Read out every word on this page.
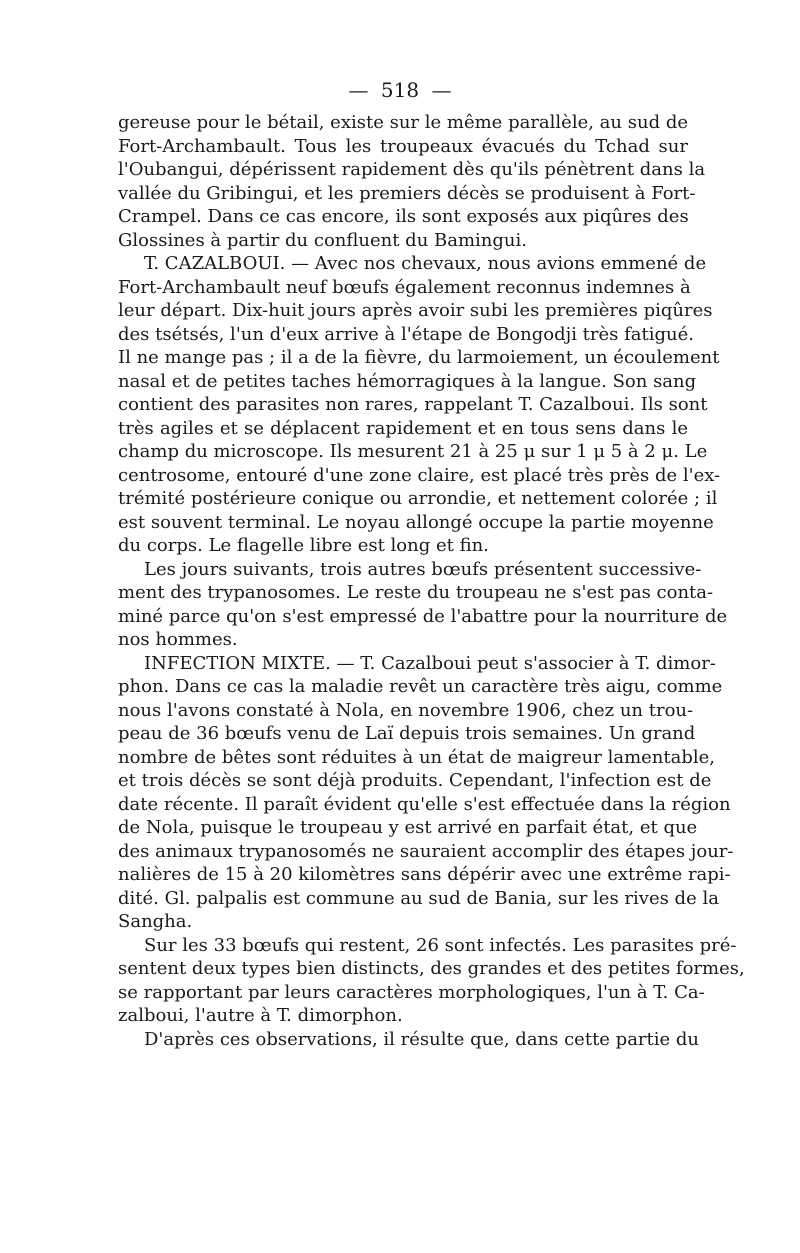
— 518 —
gereuse pour le bétail, existe sur le même parallèle, au sud de
Fort-Archambault. Tous les troupeaux évacués du Tchad sur
l'Oubangui, dépérissent rapidement dès qu'ils pénètrent dans la
vallée du Gribingui, et les premiers décès se produisent à Fort-
Crampel. Dans ce cas encore, ils sont exposés aux piqûres des
Glossines à partir du confluent du Bamingui.
T. CAZALBOUI. — Avec nos chevaux, nous avions emmené de
Fort-Archambault neuf bœufs également reconnus indemnes à
leur départ. Dix-huit jours après avoir subi les premières piqûres
des tsétsés, l'un d'eux arrive à l'étape de Bongodji très fatigué.
Il ne mange pas ; il a de la fièvre, du larmoiement, un écoulement
nasal et de petites taches hémorragiques à la langue. Son sang
contient des parasites non rares, rappelant T. Cazalboui. Ils sont
très agiles et se déplacent rapidement et en tous sens dans le
champ du microscope. Ils mesurent 21 à 25 μ sur 1 μ 5 à 2 μ. Le
centrosome, entouré d'une zone claire, est placé très près de l'ex-
trémité postérieure conique ou arrondie, et nettement colorée ; il
est souvent terminal. Le noyau allongé occupe la partie moyenne
du corps. Le flagelle libre est long et fin.
Les jours suivants, trois autres bœufs présentent successive-
ment des trypanosomes. Le reste du troupeau ne s'est pas conta-
miné parce qu'on s'est empressé de l'abattre pour la nourriture de
nos hommes.
INFECTION MIXTE. — T. Cazalboui peut s'associer à T. dimor-
phon. Dans ce cas la maladie revêt un caractère très aigu, comme
nous l'avons constaté à Nola, en novembre 1906, chez un trou-
peau de 36 bœufs venu de Laï depuis trois semaines. Un grand
nombre de bêtes sont réduites à un état de maigreur lamentable,
et trois décès se sont déjà produits. Cependant, l'infection est de
date récente. Il paraît évident qu'elle s'est effectuée dans la région
de Nola, puisque le troupeau y est arrivé en parfait état, et que
des animaux trypanosomés ne sauraient accomplir des étapes jour-
nalières de 15 à 20 kilomètres sans dépérir avec une extrême rapi-
dité. Gl. palpalis est commune au sud de Bania, sur les rives de la
Sangha.
Sur les 33 bœufs qui restent, 26 sont infectés. Les parasites pré-
sentent deux types bien distincts, des grandes et des petites formes,
se rapportant par leurs caractères morphologiques, l'un à T. Ca-
zalboui, l'autre à T. dimorphon.
D'après ces observations, il résulte que, dans cette partie du
